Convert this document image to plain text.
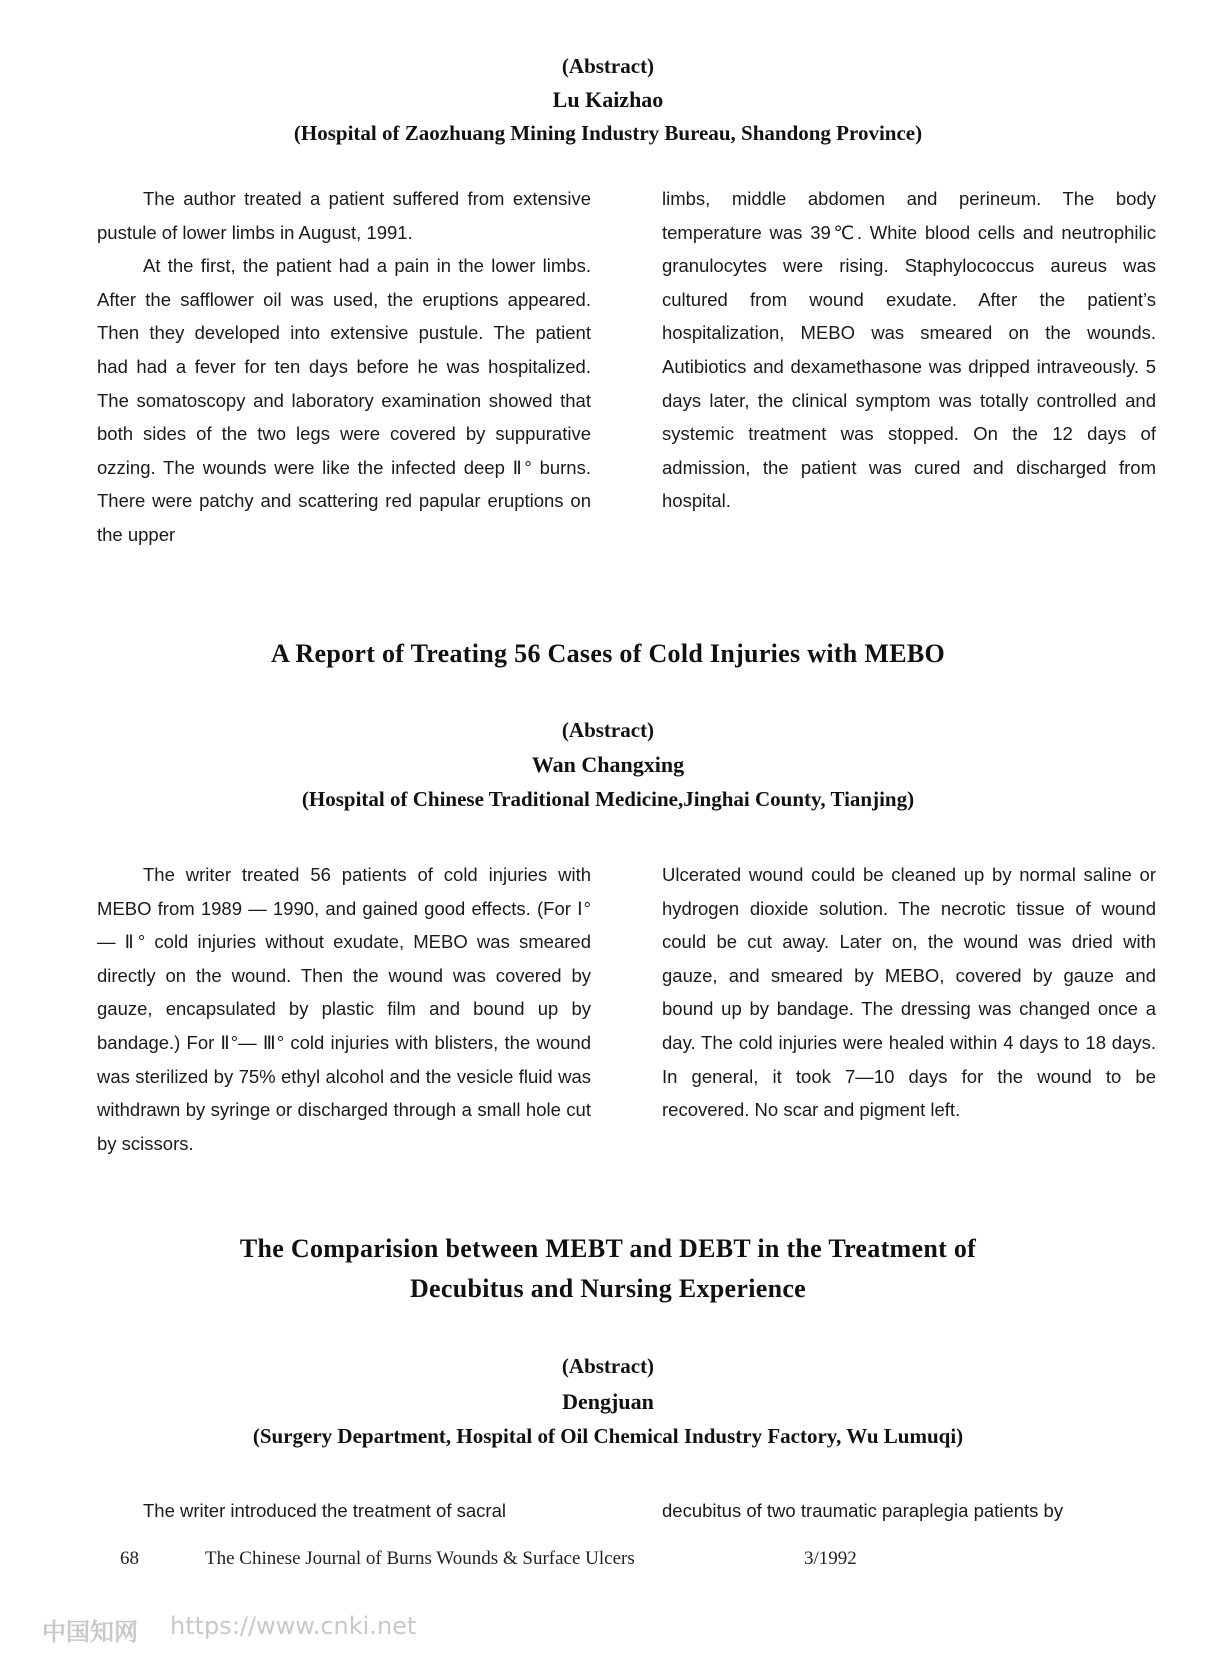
(Abstract)
Lu Kaizhao
(Hospital of Zaozhuang Mining Industry Bureau, Shandong Province)

The author treated a patient suffered from extensive pustule of lower limbs in August, 1991.

At the first, the patient had a pain in the lower limbs. After the safflower oil was used, the eruptions appeared. Then they developed into extensive pustule. The patient had had a fever for ten days before he was hospitalized. The somatoscopy and laboratory examination showed that both sides of the two legs were covered by suppurative ozzing. The wounds were like the infected deep Ⅱ° burns. There were patchy and scattering red papular eruptions on the upper

limbs, middle abdomen and perineum. The body temperature was 39℃. White blood cells and neutrophilic granulocytes were rising. Staphylococcus aureus was cultured from wound exudate. After the patient’s hospitalization, MEBO was smeared on the wounds. Autibiotics and dexamethasone was dripped intraveously. 5 days later, the clinical symptom was totally controlled and systemic treatment was stopped. On the 12 days of admission, the patient was cured and discharged from hospital.

A Report of Treating 56 Cases of Cold Injuries with MEBO
(Abstract)
Wan Changxing
(Hospital of Chinese Traditional Medicine,Jinghai County, Tianjing)

The writer treated 56 patients of cold injuries with MEBO from 1989 — 1990, and gained good effects. (For Ⅰ° — Ⅱ° cold injuries without exudate, MEBO was smeared directly on the wound. Then the wound was covered by gauze, encapsulated by plastic film and bound up by bandage.) For Ⅱ°— Ⅲ° cold injuries with blisters, the wound was sterilized by 75% ethyl alcohol and the vesicle fluid was withdrawn by syringe or discharged through a small hole cut by scissors.

Ulcerated wound could be cleaned up by normal saline or hydrogen dioxide solution. The necrotic tissue of wound could be cut away. Later on, the wound was dried with gauze, and smeared by MEBO, covered by gauze and bound up by bandage. The dressing was changed once a day. The cold injuries were healed within 4 days to 18 days. In general, it took 7—10 days for the wound to be recovered. No scar and pigment left.

The Comparision between MEBT and DEBT in the Treatment of
Decubitus and Nursing Experience
(Abstract)
Dengjuan
(Surgery Department, Hospital of Oil Chemical Industry Factory, Wu Lumuqi)

The writer introduced the treatment of sacral	decubitus of two traumatic paraplegia patients by

68	The Chinese Journal of Burns Wounds & Surface Ulcers	3/1992
中国知网 https://www.cnki.net
